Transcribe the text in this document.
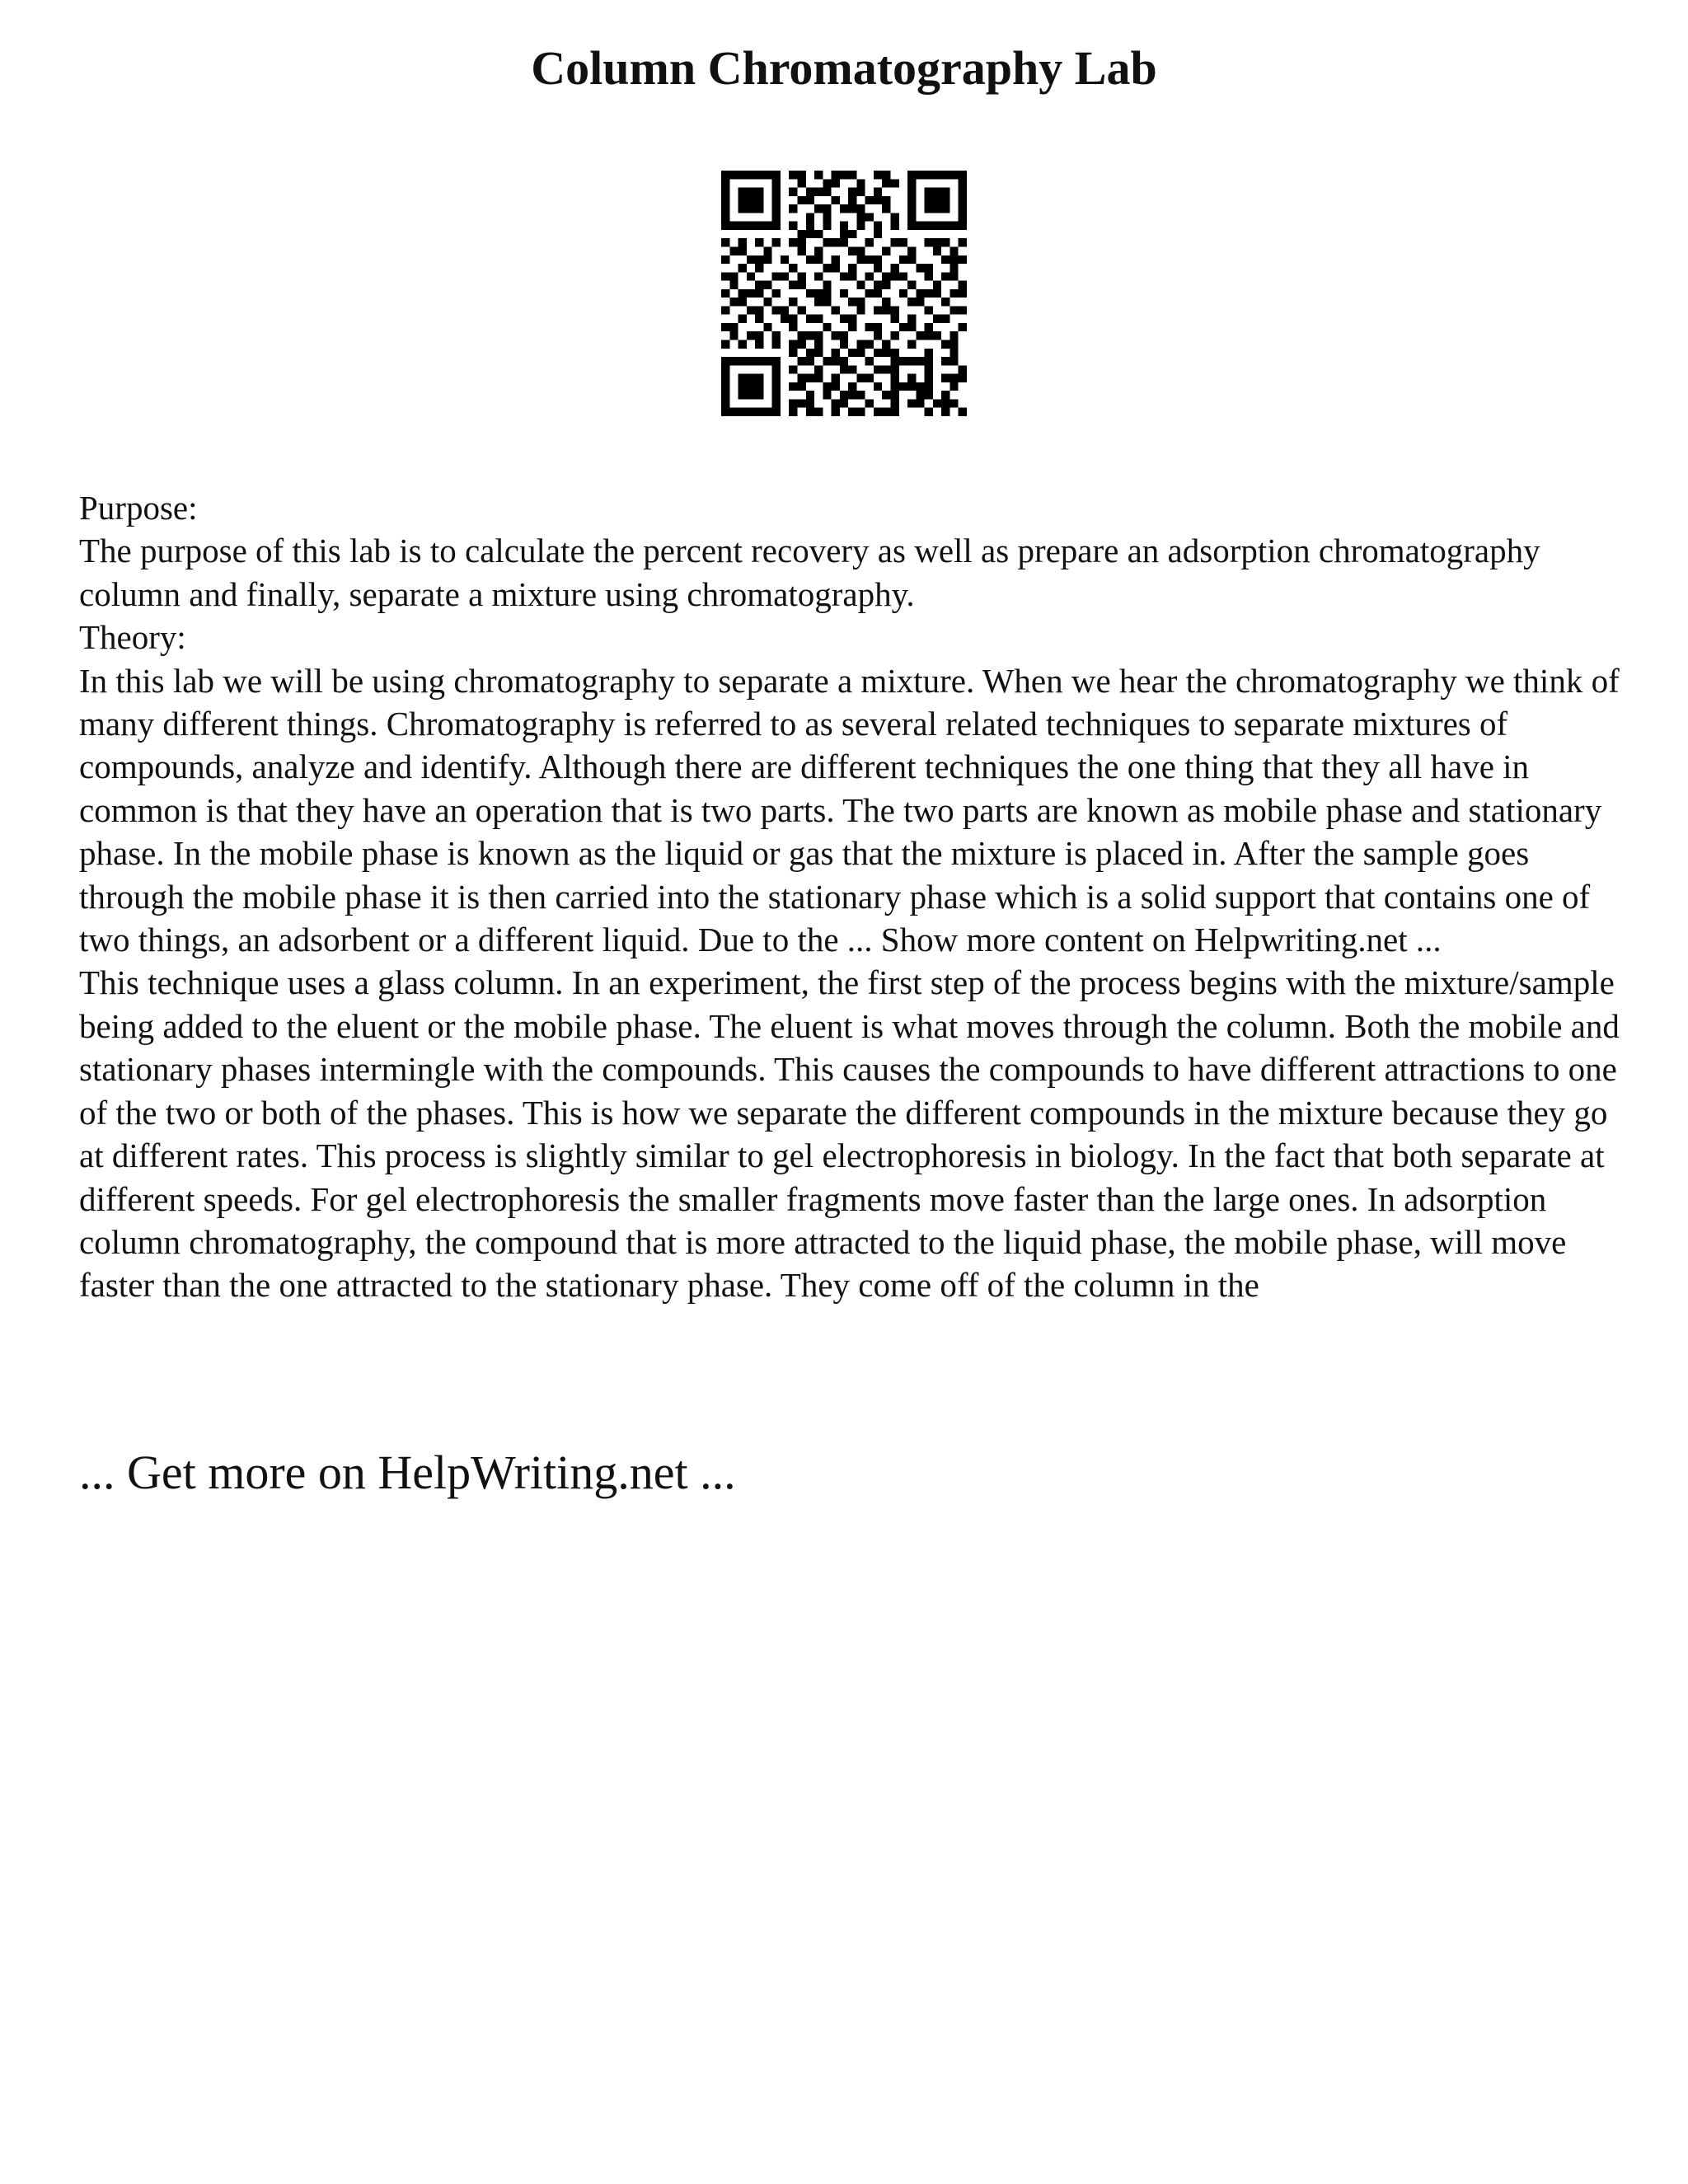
Column Chromatography Lab

Purpose:

The purpose of this lab is to calculate the percent recovery as well as prepare an adsorption chromatography column and finally, separate a mixture using chromatography.

Theory:

In this lab we will be using chromatography to separate a mixture. When we hear the chromatography we think of many different things. Chromatography is referred to as several related techniques to separate mixtures of compounds, analyze and identify. Although there are different techniques the one thing that they all have in common is that they have an operation that is two parts. The two parts are known as mobile phase and stationary phase. In the mobile phase is known as the liquid or gas that the mixture is placed in. After the sample goes through the mobile phase it is then carried into the stationary phase which is a solid support that contains one of two things, an adsorbent or a different liquid. Due to the ... Show more content on Helpwriting.net ...

This technique uses a glass column. In an experiment, the first step of the process begins with the mixture/sample being added to the eluent or the mobile phase. The eluent is what moves through the column. Both the mobile and stationary phases intermingle with the compounds. This causes the compounds to have different attractions to one of the two or both of the phases. This is how we separate the different compounds in the mixture because they go at different rates. This process is slightly similar to gel electrophoresis in biology. In the fact that both separate at different speeds. For gel electrophoresis the smaller fragments move faster than the large ones. In adsorption column chromatography, the compound that is more attracted to the liquid phase, the mobile phase, will move faster than the one attracted to the stationary phase. They come off of the column in the

... Get more on HelpWriting.net ...
